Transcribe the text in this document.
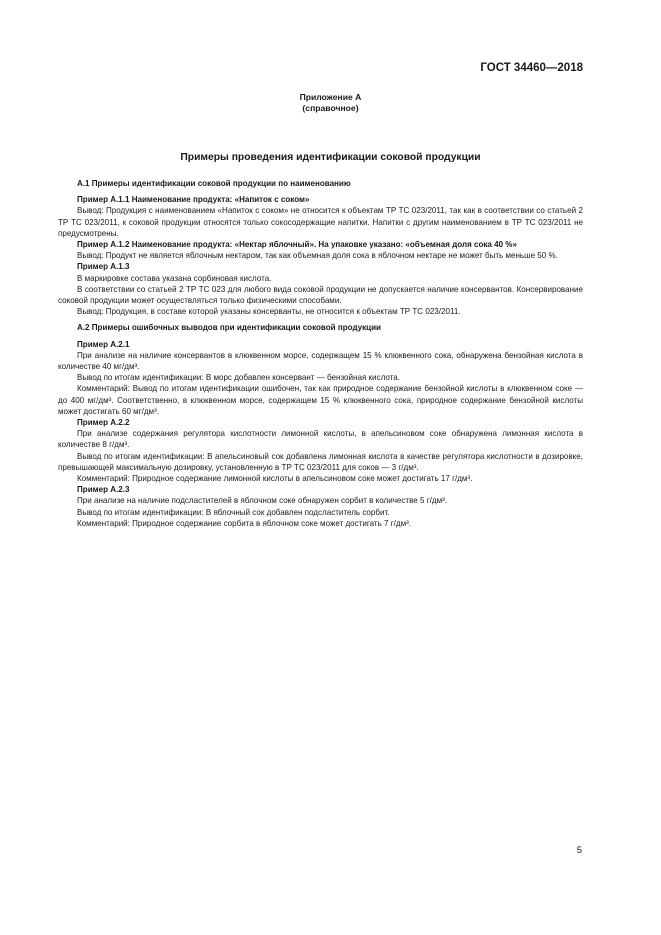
ГОСТ 34460—2018
Приложение А
(справочное)
Примеры проведения идентификации соковой продукции

А.1 Примеры идентификации соковой продукции по наименованию

Пример А.1.1 Наименование продукта: «Напиток с соком»

Вывод: Продукция с наименованием «Напиток с соком» не относится к объектам ТР ТС 023/2011, так как в соответствии со статьей 2 ТР ТС 023/2011, к соковой продукции относятся только сокосодержащие напитки. Напитки с другим наименованием в ТР ТС 023/2011 не предусмотрены.

Пример А.1.2 Наименование продукта: «Нектар яблочный». На упаковке указано: «объемная доля сока 40 %»

Вывод: Продукт не является яблочным нектаром, так как объемная доля сока в яблочном нектаре не может быть меньше 50 %.

Пример А.1.3

В маркировке состава указана сорбиновая кислота.

В соответствии со статьей 2 ТР ТС 023 для любого вида соковой продукции не допускается наличие консервантов. Консервирование соковой продукции может осуществляться только физическими способами.

Вывод: Продукция, в составе которой указаны консерванты, не относится к объектам ТР ТС 023/2011.

А.2 Примеры ошибочных выводов при идентификации соковой продукции

Пример А.2.1

При анализе на наличие консервантов в клюквенном морсе, содержащем 15 % клюквенного сока, обнаружена бензойная кислота в количестве 40 мг/дм³.

Вывод по итогам идентификации: В морс добавлен консервант — бензойная кислота.

Комментарий: Вывод по итогам идентификации ошибочен, так как природное содержание бензойной кислоты в клюквенном соке — до 400 мг/дм³. Соответственно, в клюквенном морсе, содержащем 15 % клюквенного сока, природное содержание бензойной кислоты может достигать 60 мг/дм³.

Пример А.2.2

При анализе содержания регулятора кислотности лимонной кислоты, в апельсиновом соке обнаружена лимонная кислота в количестве 8 г/дм³.

Вывод по итогам идентификации: В апельсиновый сок добавлена лимонная кислота в качестве регулятора кислотности в дозировке, превышающей максимальную дозировку, установленную в ТР ТС 023/2011 для соков — 3 г/дм³.

Комментарий: Природное содержание лимонной кислоты в апельсиновом соке может достигать 17 г/дм³.

Пример А.2.3

При анализе на наличие подсластителей в яблочном соке обнаружен сорбит в количестве 5 г/дм³.

Вывод по итогам идентификации: В яблочный сок добавлен подсластитель сорбит.

Комментарий: Природное содержание сорбита в яблочном соке может достигать 7 г/дм³.

5
